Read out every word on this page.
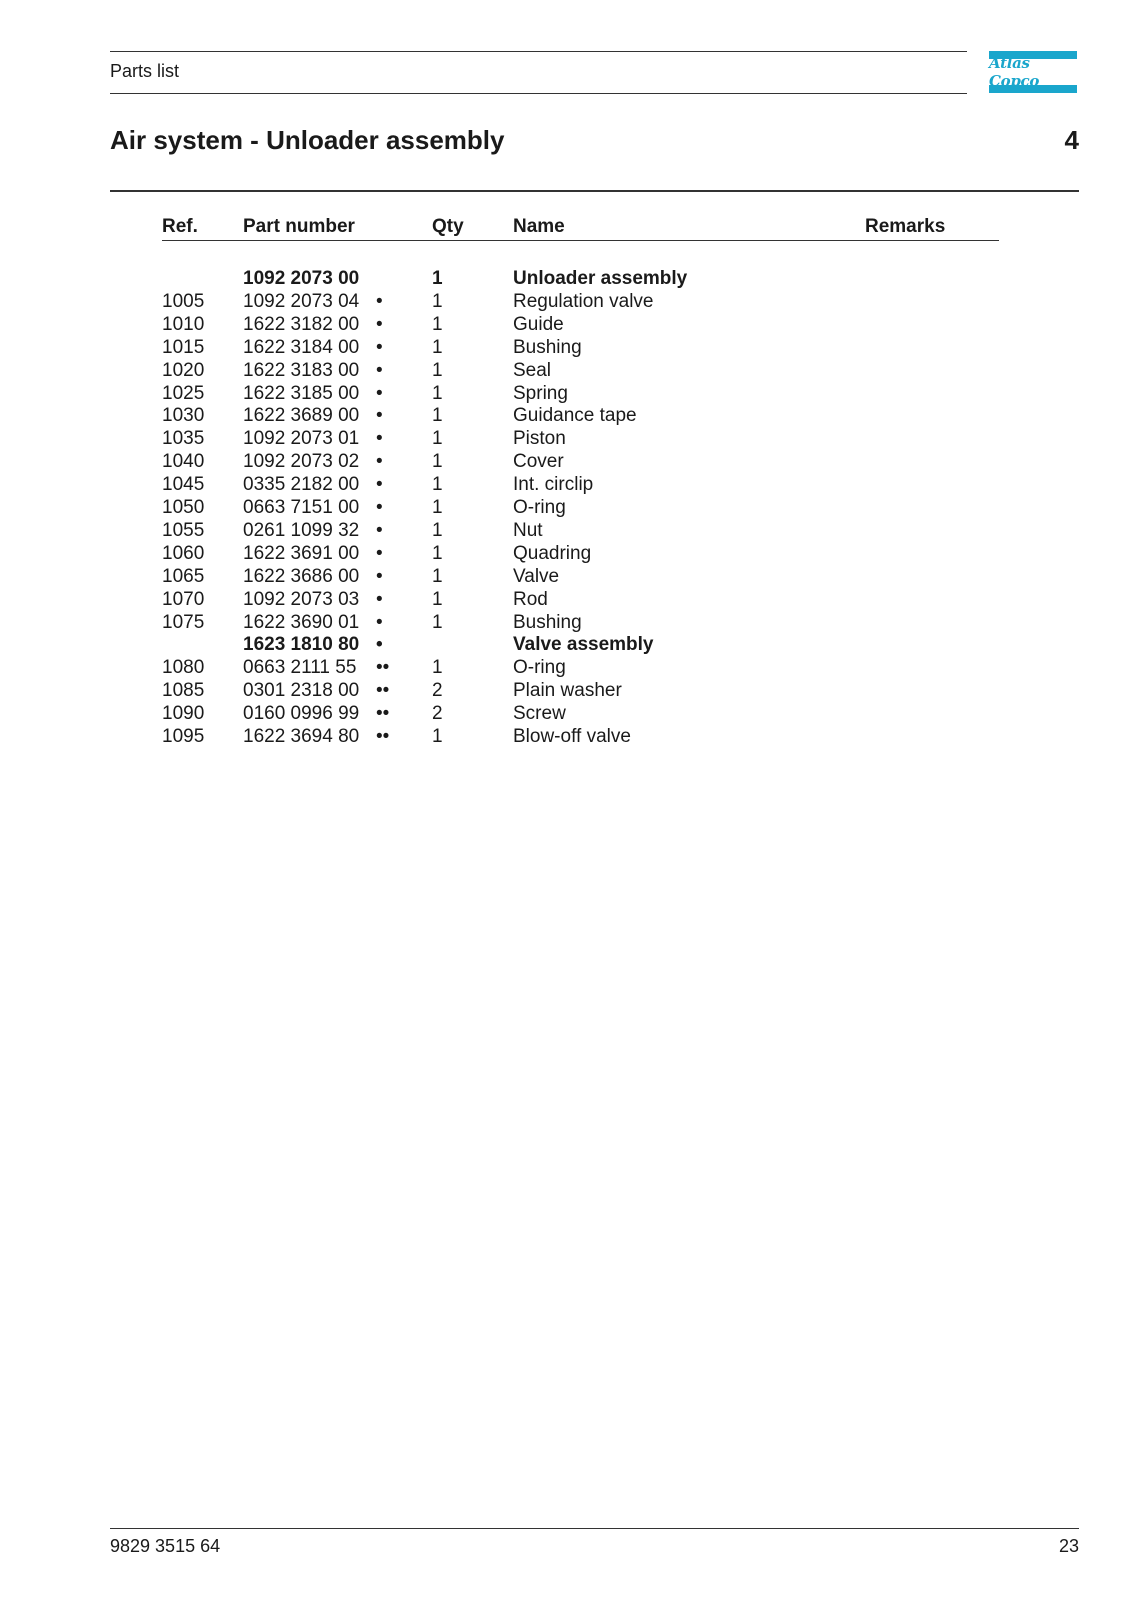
Parts list	Atlas Copco
Air system - Unloader assembly	4
Ref. Part number	Qty	Name	Remarks
1092 2073 00	1	Unloader assembly
1005 1092 2073 04 •	1	Regulation valve
1010 1622 3182 00 •	1	Guide
1015 1622 3184 00 •	1	Bushing
1020 1622 3183 00 •	1	Seal
1025 1622 3185 00 •	1	Spring
1030 1622 3689 00 •	1	Guidance tape
1035 1092 2073 01 •	1	Piston
1040 1092 2073 02 •	1	Cover
1045 0335 2182 00 •	1	Int. circlip
1050 0663 7151 00 •	1	O-ring
1055 0261 1099 32 •	1	Nut
1060 1622 3691 00 •	1	Quadring
1065 1622 3686 00 •	1	Valve
1070 1092 2073 03 •	1	Rod
1075 1622 3690 01 •	1	Bushing
1623 1810 80 •	Valve assembly
1080 0663 2111 55 •• 1	O-ring
1085 0301 2318 00 •• 2	Plain washer
1090 0160 0996 99 •• 2	Screw
1095 1622 3694 80 •• 1	Blow-off valve
9829 3515 64	23
